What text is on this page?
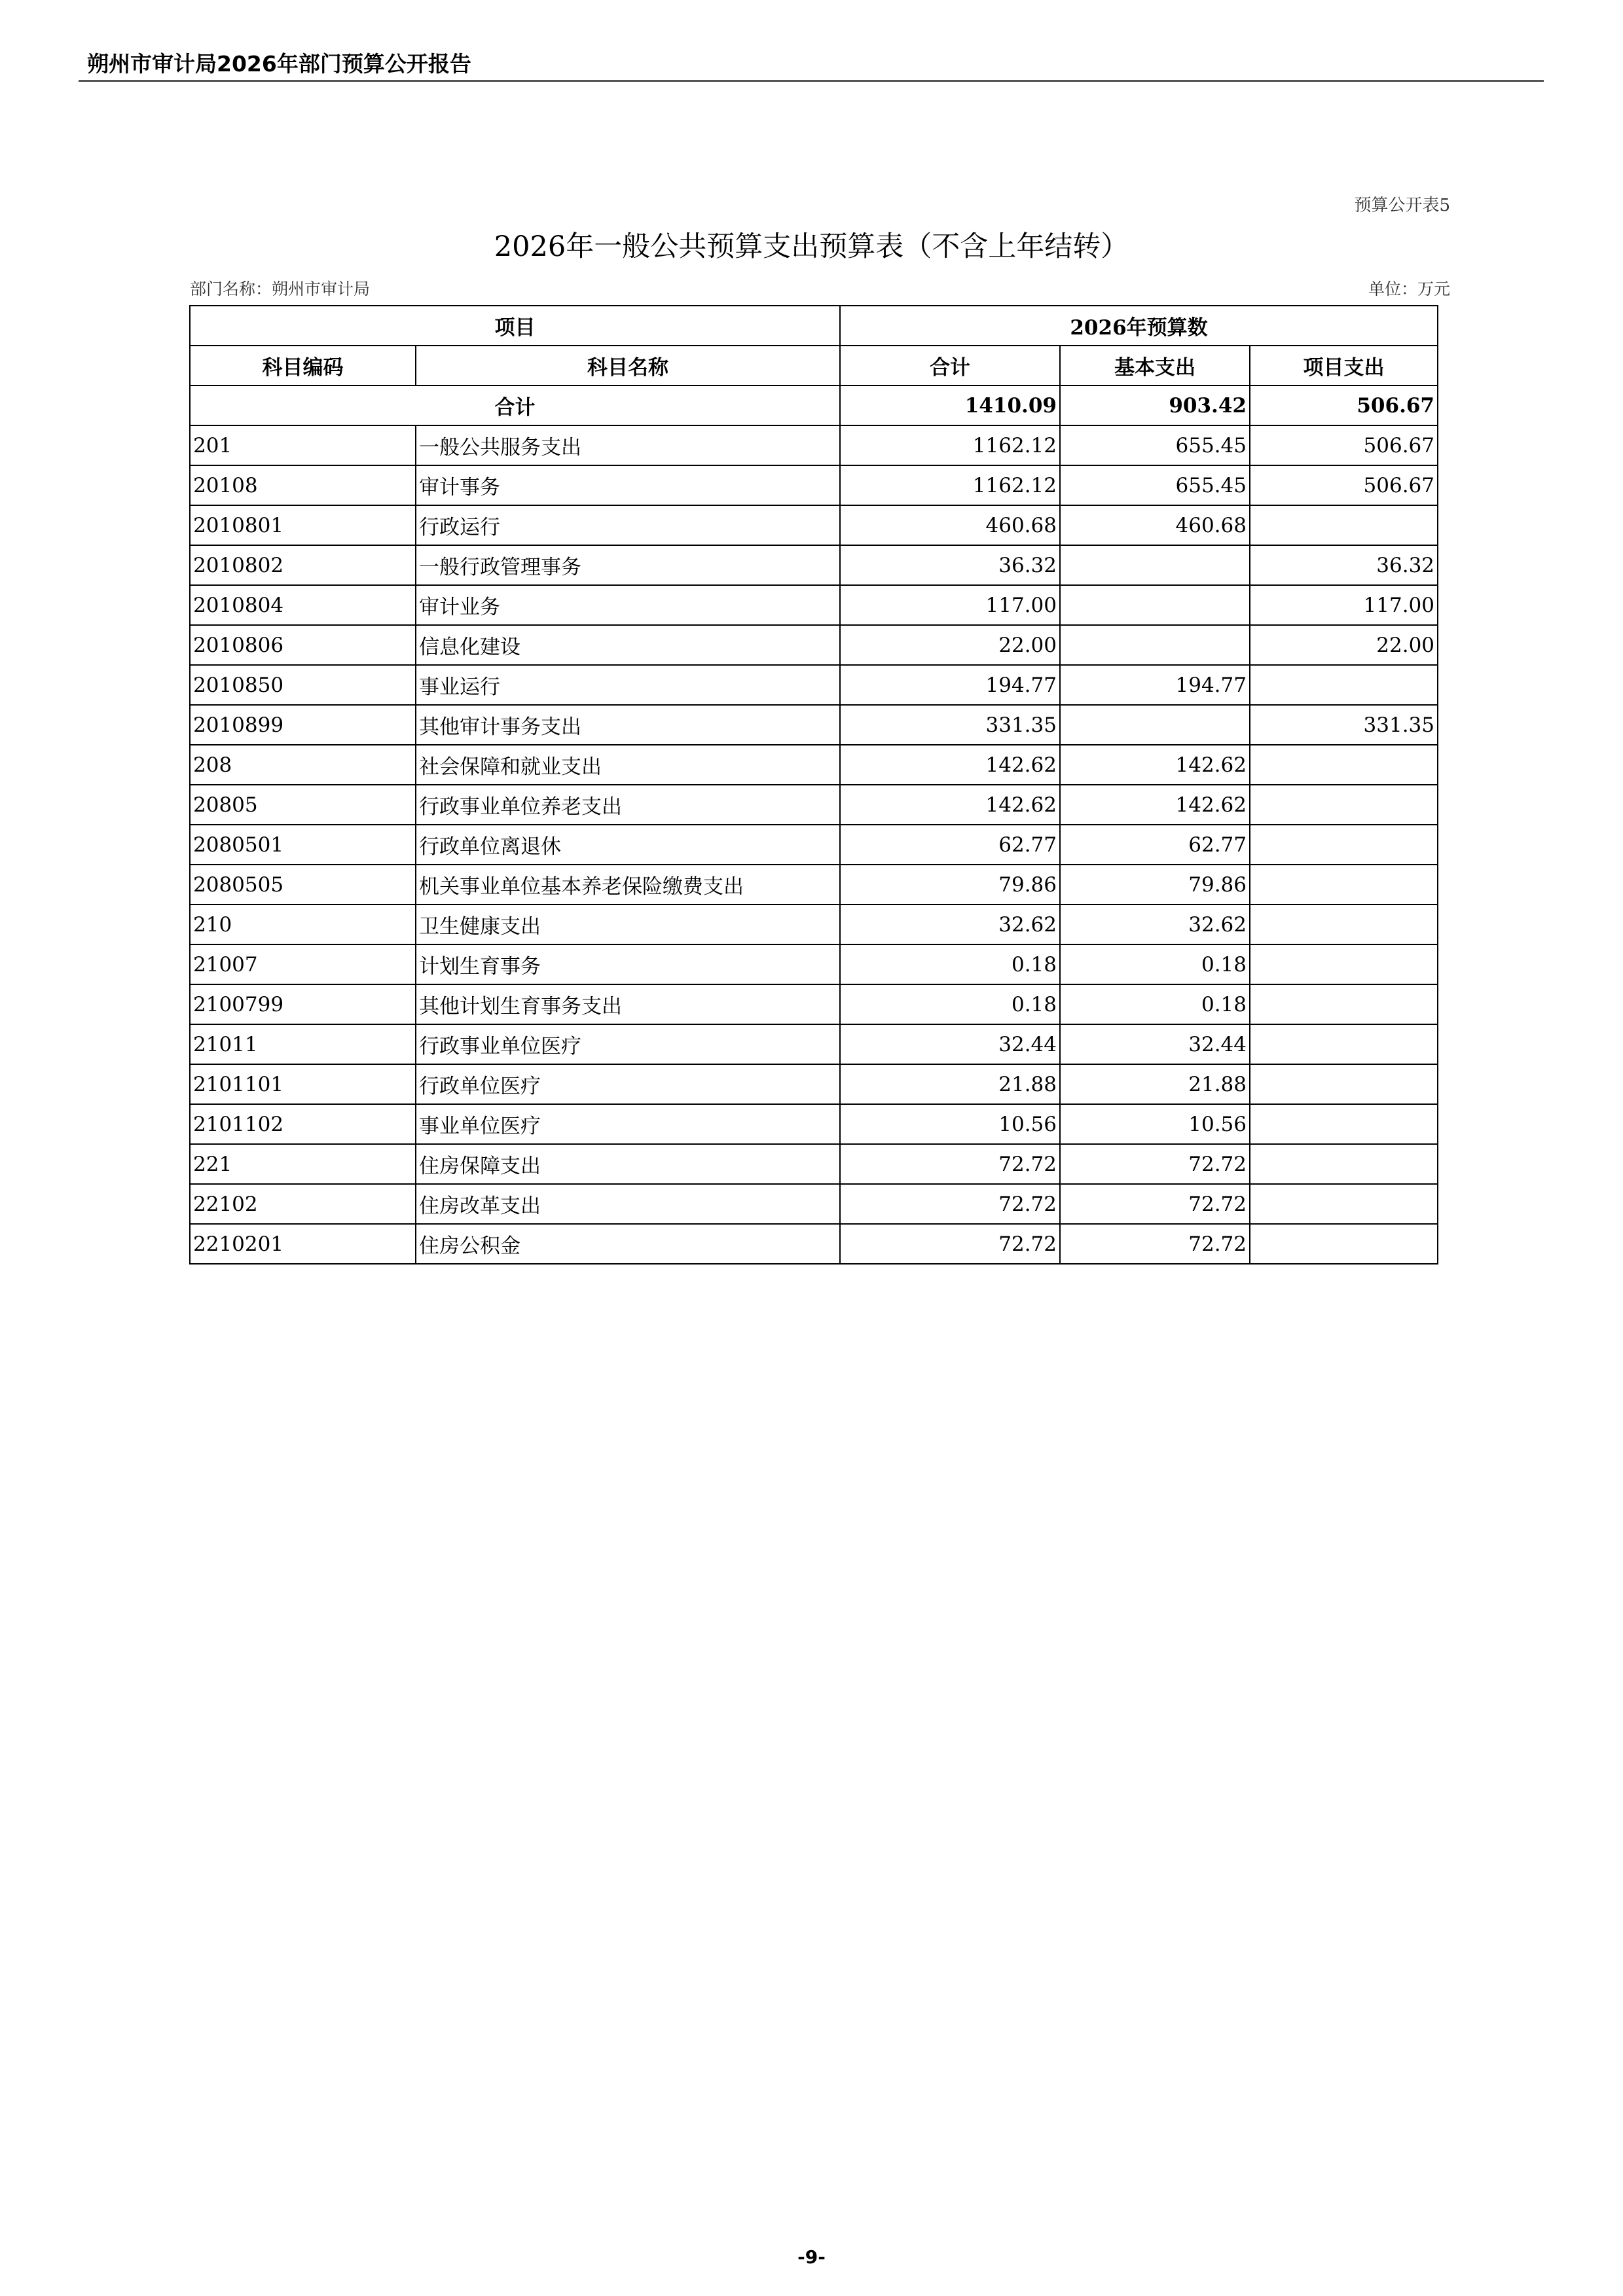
朔州市审计局2026年部门预算公开报告
预算公开表5
2026年一般公共预算支出预算表（不含上年结转）
部门名称：朔州市审计局	单位：万元
项目		2026年预算数		
科目编码	科目名称	合计	基本支出	项目支出
合计		1410.09	903.42	506.67
201	一般公共服务支出	1162.12	655.45	506.67
20108	审计事务	1162.12	655.45	506.67
2010801	行政运行	460.68	460.68	
2010802	一般行政管理事务	36.32		36.32
2010804	审计业务	117.00		117.00
2010806	信息化建设	22.00		22.00
2010850	事业运行	194.77	194.77	
2010899	其他审计事务支出	331.35		331.35
208	社会保障和就业支出	142.62	142.62	
20805	行政事业单位养老支出	142.62	142.62	
2080501	行政单位离退休	62.77	62.77	
2080505	机关事业单位基本养老保险缴费支出	79.86	79.86	
210	卫生健康支出	32.62	32.62	
21007	计划生育事务	0.18	0.18	
2100799	其他计划生育事务支出	0.18	0.18	
21011	行政事业单位医疗	32.44	32.44	
2101101	行政单位医疗	21.88	21.88	
2101102	事业单位医疗	10.56	10.56	
221	住房保障支出	72.72	72.72	
22102	住房改革支出	72.72	72.72	
2210201	住房公积金	72.72	72.72	
-9-
